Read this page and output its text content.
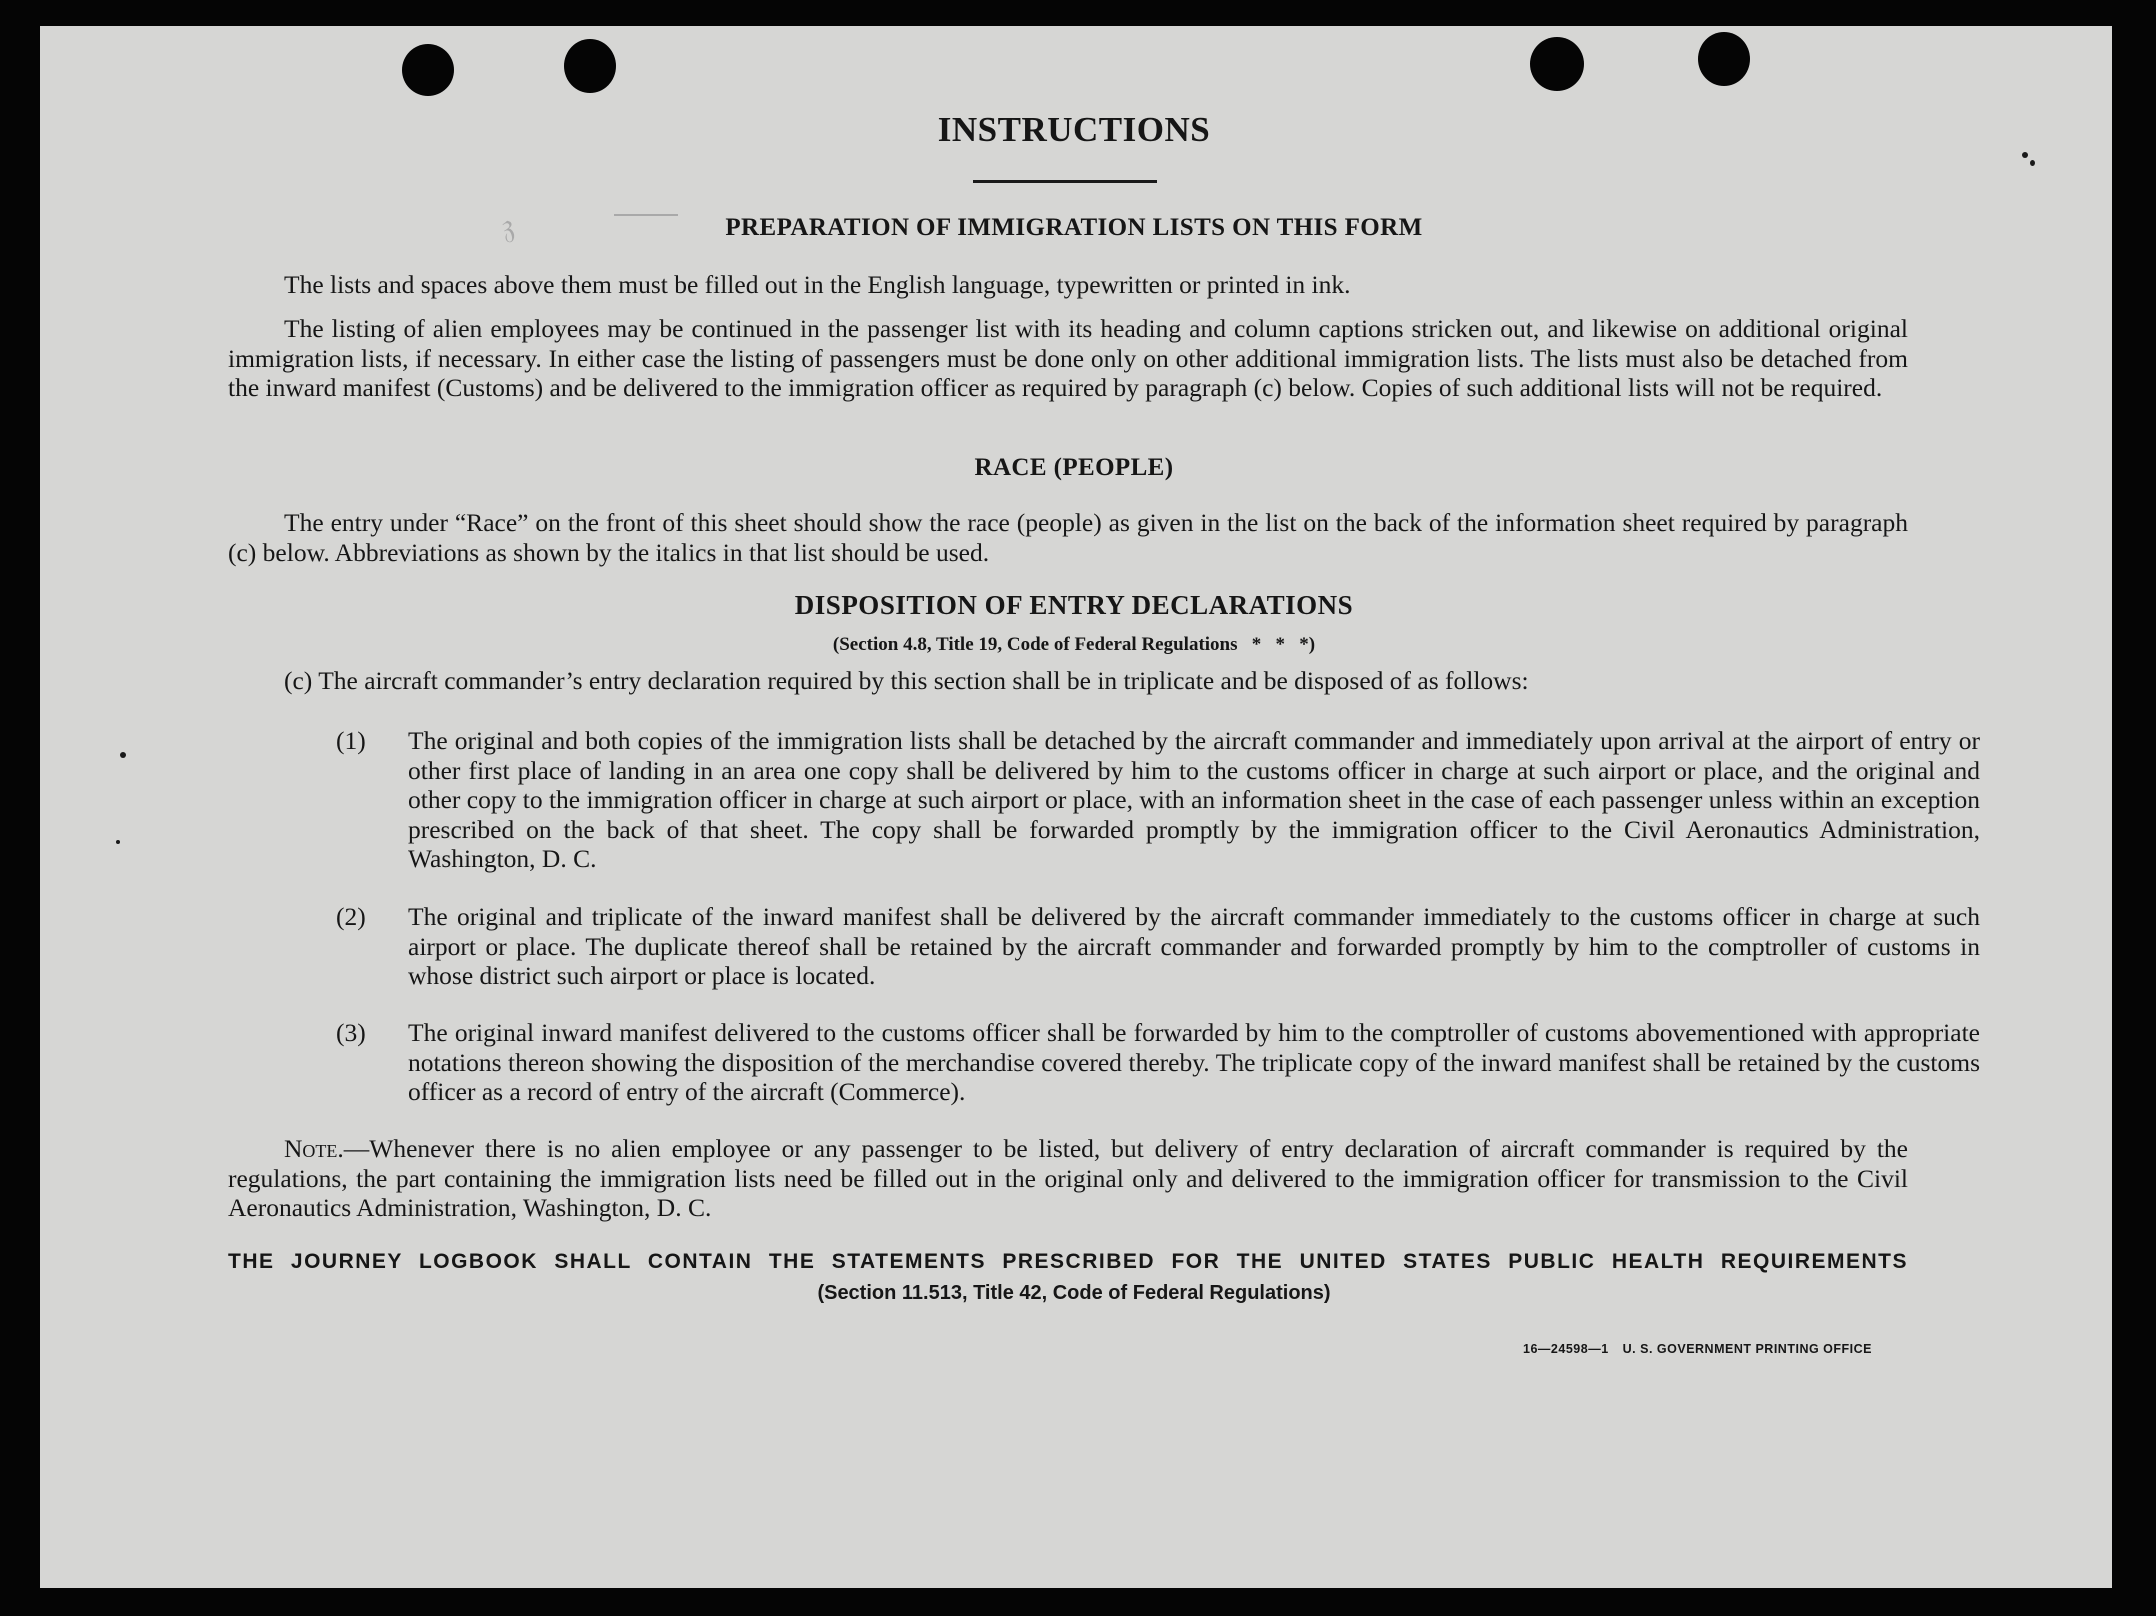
𝔷
INSTRUCTIONS
PREPARATION OF IMMIGRATION LISTS ON THIS FORM

The lists and spaces above them must be filled out in the English language, typewritten or printed in ink.

The listing of alien employees may be continued in the passenger list with its heading and column captions stricken out, and likewise on additional original immigration lists, if necessary. In either case the listing of passengers must be done only on other additional immigration lists. The lists must also be detached from the inward manifest (Customs) and be delivered to the immigration officer as required by paragraph (c) below. Copies of such additional lists will not be required.

RACE (PEOPLE)

The entry under “Race” on the front of this sheet should show the race (people) as given in the list on the back of the information sheet required by paragraph (c) below. Abbreviations as shown by the italics in that list should be used.

DISPOSITION OF ENTRY DECLARATIONS

(Section 4.8, Title 19, Code of Federal Regulations   *   *   *)

(c) The aircraft commander’s entry declaration required by this section shall be in triplicate and be disposed of as follows:

(1) The original and both copies of the immigration lists shall be detached by the aircraft commander and immediately upon arrival at the airport of entry or other first place of landing in an area one copy shall be delivered by him to the customs officer in charge at such airport or place, and the original and other copy to the immigration officer in charge at such airport or place, with an information sheet in the case of each passenger unless within an exception prescribed on the back of that sheet. The copy shall be forwarded promptly by the immigration officer to the Civil Aeronautics Administration, Washington, D. C.
(2) The original and triplicate of the inward manifest shall be delivered by the aircraft commander immediately to the customs officer in charge at such airport or place. The duplicate thereof shall be retained by the aircraft commander and forwarded promptly by him to the comptroller of customs in whose district such airport or place is located.
(3) The original inward manifest delivered to the customs officer shall be forwarded by him to the comptroller of customs abovementioned with appropriate notations thereon showing the disposition of the merchandise covered thereby. The triplicate copy of the inward manifest shall be retained by the customs officer as a record of entry of the aircraft (Commerce).

Note.—Whenever there is no alien employee or any passenger to be listed, but delivery of entry declaration of aircraft commander is required by the regulations, the part containing the immigration lists need be filled out in the original only and delivered to the immigration officer for transmission to the Civil Aeronautics Administration, Washington, D. C.

THE JOURNEY LOGBOOK SHALL CONTAIN THE STATEMENTS PRESCRIBED FOR THE UNITED STATES PUBLIC HEALTH REQUIREMENTS

(Section 11.513, Title 42, Code of Federal Regulations)

16—24598—1 U. S. GOVERNMENT PRINTING OFFICE
